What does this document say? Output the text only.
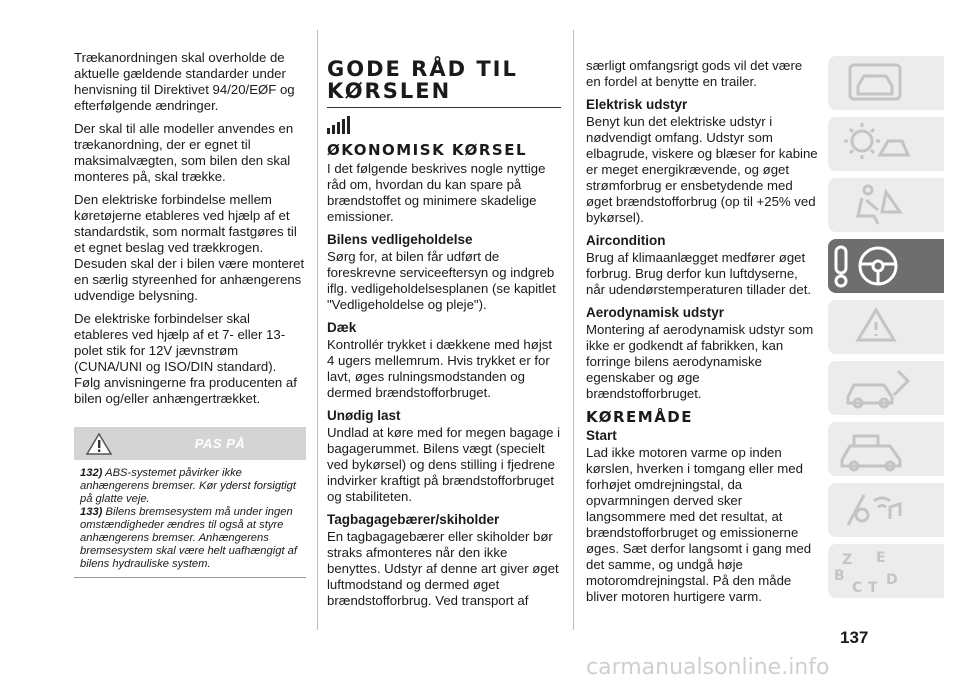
Trækanordningen skal overholde de aktuelle gældende standarder under henvisning til Direktivet 94/20/EØF og efterfølgende ændringer.

Der skal til alle modeller anvendes en trækanordning, der er egnet til maksimalvægten, som bilen den skal monteres på, skal trække.

Den elektriske forbindelse mellem køretøjerne etableres ved hjælp af et standardstik, som normalt fastgøres til et egnet beslag ved trækkrogen. Desuden skal der i bilen være monteret en særlig styreenhed for anhængerens udvendige belysning.

De elektriske forbindelser skal etableres ved hjælp af et 7- eller 13-polet stik for 12V jævnstrøm (CUNA/UNI og ISO/DIN standard). Følg anvisningerne fra producenten af bilen og/eller anhængertrækket.

PAS PÅ

132) ABS-systemet påvirker ikke anhængerens bremser. Kør yderst forsigtigt på glatte veje.

133) Bilens bremsesystem må under ingen omstændigheder ændres til også at styre anhængerens bremser. Anhængerens bremsesystem skal være helt uafhængigt af bilens hydrauliske system.

GODE RÅD TIL
KØRSLEN
ØKONOMISK KØRSEL

I det følgende beskrives nogle nyttige råd om, hvordan du kan spare på brændstoffet og minimere skadelige emissioner.

Bilens vedligeholdelse

Sørg for, at bilen får udført de foreskrevne serviceeftersyn og indgreb iflg. vedligeholdelsesplanen (se kapitlet "Vedligeholdelse og pleje").

Dæk

Kontrollér trykket i dækkene med højst 4 ugers mellemrum. Hvis trykket er for lavt, øges rulningsmodstanden og dermed brændstofforbruget.

Unødig last

Undlad at køre med for megen bagage i bagagerummet. Bilens vægt (specielt ved bykørsel) og dens stilling i fjedrene indvirker kraftigt på brændstofforbruget og stabiliteten.

Tagbagagebærer/skiholder

En tagbagagebærer eller skiholder bør straks afmonteres når den ikke benyttes. Udstyr af denne art giver øget luftmodstand og dermed øget brændstofforbrug. Ved transport af

særligt omfangsrigt gods vil det være en fordel at benytte en trailer.

Elektrisk udstyr

Benyt kun det elektriske udstyr i nødvendigt omfang. Udstyr som elbagrude, viskere og blæser for kabine er meget energikrævende, og øget strømforbrug er ensbetydende med øget brændstofforbrug (op til +25% ved bykørsel).

Aircondition

Brug af klimaanlægget medfører øget forbrug. Brug derfor kun luftdyserne, når udendørstemperaturen tillader det.

Aerodynamisk udstyr

Montering af aerodynamisk udstyr som ikke er godkendt af fabrikken, kan forringe bilens aerodynamiske egenskaber og øge brændstofforbruget.

KØREMÅDE
Start

Lad ikke motoren varme op inden kørslen, hverken i tomgang eller med forhøjet omdrejningstal, da opvarmningen derved sker langsommere med det resultat, at brændstofforbruget og emissionerne øges. Sæt derfor langsomt i gang med det samme, og undgå høje motoromdrejningstal. På den måde bliver motoren hurtigere varm.

Z E
B
C T D
137
carmanualsonline.info
